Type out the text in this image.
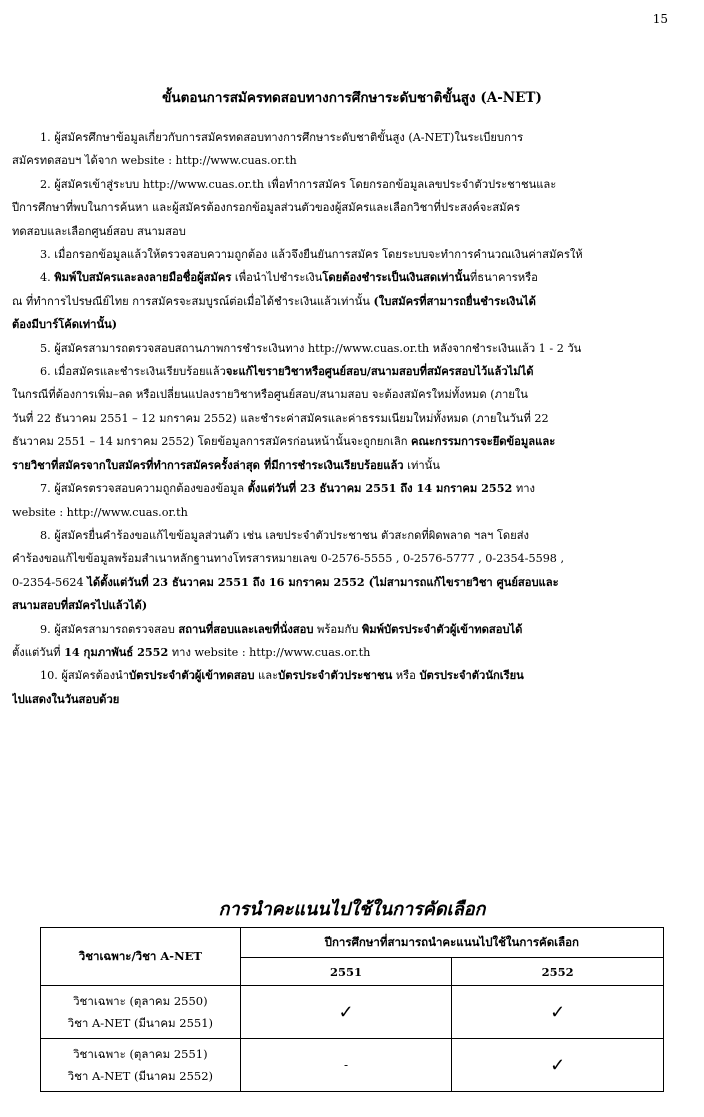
15
ขั้นตอนการสมัครทดสอบทางการศึกษาระดับชาติขั้นสูง (A-NET)

1. ผู้สมัครศึกษาข้อมูลเกี่ยวกับการสมัครทดสอบทางการศึกษาระดับชาติขั้นสูง (A-NET)ในระเบียบการ

สมัครทดสอบฯ ได้จาก website : http://www.cuas.or.th

2. ผู้สมัครเข้าสู่ระบบ http://www.cuas.or.th เพื่อทำการสมัคร โดยกรอกข้อมูลเลขประจำตัวประชาชนและ

ปีการศึกษาที่พบในการค้นหา และผู้สมัครต้องกรอกข้อมูลส่วนตัวของผู้สมัครและเลือกวิชาที่ประสงค์จะสมัคร

ทดสอบและเลือกศูนย์สอบ สนามสอบ

3. เมื่อกรอกข้อมูลแล้วให้ตรวจสอบความถูกต้อง แล้วจึงยืนยันการสมัคร โดยระบบจะทำการคำนวณเงินค่าสมัครให้

4. พิมพ์ใบสมัครและลงลายมือชื่อผู้สมัคร เพื่อนำไปชำระเงินโดยต้องชำระเป็นเงินสดเท่านั้นที่ธนาคารหรือ

ณ ที่ทำการไปรษณีย์ไทย การสมัครจะสมบูรณ์ต่อเมื่อได้ชำระเงินแล้วเท่านั้น (ใบสมัครที่สามารถยื่นชำระเงินได้

ต้องมีบาร์โค้ดเท่านั้น)

5. ผู้สมัครสามารถตรวจสอบสถานภาพการชำระเงินทาง http://www.cuas.or.th หลังจากชำระเงินแล้ว 1 - 2 วัน

6. เมื่อสมัครและชำระเงินเรียบร้อยแล้วจะแก้ไขรายวิชาหรือศูนย์สอบ/สนามสอบที่สมัครสอบไว้แล้วไม่ได้

ในกรณีที่ต้องการเพิ่ม–ลด หรือเปลี่ยนแปลงรายวิชาหรือศูนย์สอบ/สนามสอบ จะต้องสมัครใหม่ทั้งหมด (ภายใน

วันที่ 22 ธันวาคม 2551 – 12 มกราคม 2552) และชำระค่าสมัครและค่าธรรมเนียมใหม่ทั้งหมด (ภายในวันที่ 22

ธันวาคม 2551 – 14 มกราคม 2552) โดยข้อมูลการสมัครก่อนหน้านั้นจะถูกยกเลิก คณะกรรมการจะยึดข้อมูลและ

รายวิชาที่สมัครจากใบสมัครที่ทำการสมัครครั้งล่าสุด ที่มีการชำระเงินเรียบร้อยแล้ว เท่านั้น

7. ผู้สมัครตรวจสอบความถูกต้องของข้อมูล ตั้งแต่วันที่ 23 ธันวาคม 2551 ถึง 14 มกราคม 2552 ทาง

website : http://www.cuas.or.th

8. ผู้สมัครยื่นคำร้องขอแก้ไขข้อมูลส่วนตัว เช่น เลขประจำตัวประชาชน ตัวสะกดที่ผิดพลาด ฯลฯ โดยส่ง

คำร้องขอแก้ไขข้อมูลพร้อมสำเนาหลักฐานทางโทรสารหมายเลข 0-2576-5555 , 0-2576-5777 , 0-2354-5598 ,

0-2354-5624 ได้ตั้งแต่วันที่ 23 ธันวาคม 2551 ถึง 16 มกราคม 2552 (ไม่สามารถแก้ไขรายวิชา ศูนย์สอบและ

สนามสอบที่สมัครไปแล้วได้)

9. ผู้สมัครสามารถตรวจสอบ สถานที่สอบและเลขที่นั่งสอบ พร้อมกับ พิมพ์บัตรประจำตัวผู้เข้าทดสอบได้

ตั้งแต่วันที่ 14 กุมภาพันธ์ 2552 ทาง website : http://www.cuas.or.th

10. ผู้สมัครต้องนำบัตรประจำตัวผู้เข้าทดสอบ และบัตรประจำตัวประชาชน หรือ บัตรประจำตัวนักเรียน

ไปแสดงในวันสอบด้วย

การนำคะแนนไปใช้ในการคัดเลือก
วิชาเฉพาะ/วิชา A-NET	ปีการศึกษาที่สามารถนำคะแนนไปใช้ในการคัดเลือก	
	2551	2552

วิชาเฉพาะ (ตุลาคม 2550)
วิชา A-NET (มีนาคม 2551)	✓	✓

วิชาเฉพาะ (ตุลาคม 2551)
วิชา A-NET (มีนาคม 2552)	-	✓
